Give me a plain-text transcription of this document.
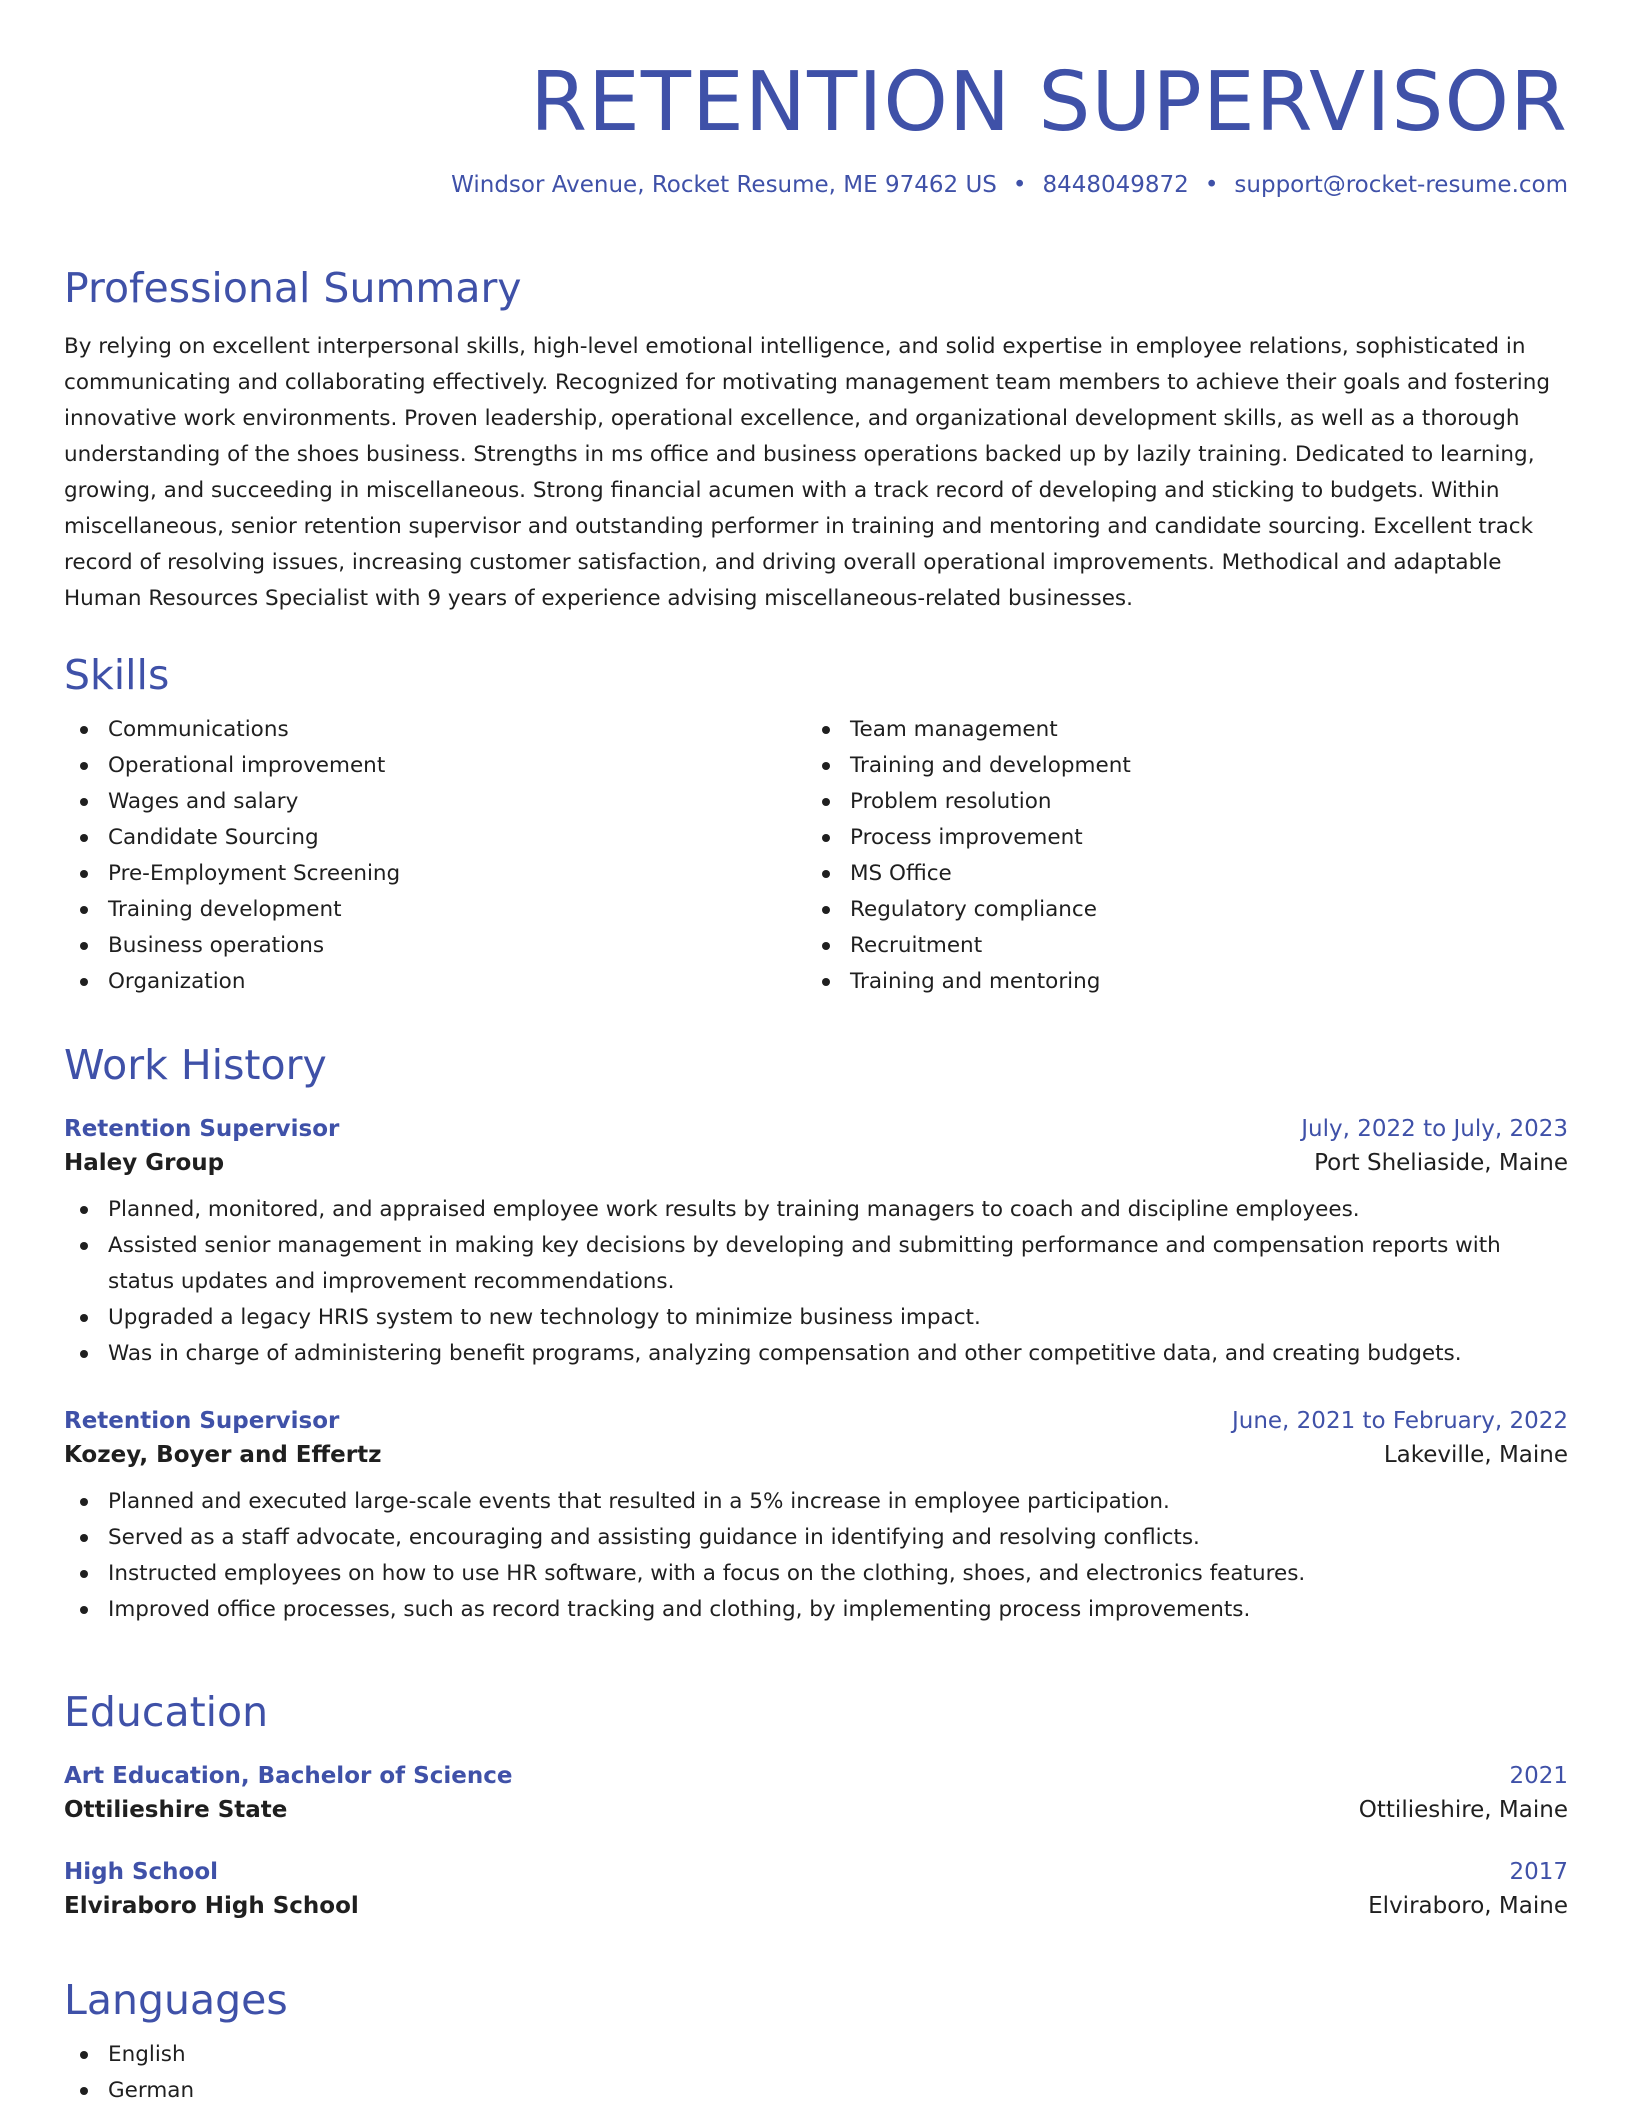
RETENTION SUPERVISOR
Windsor Avenue, Rocket Resume, ME 97462 US • 8448049872 • support@rocket-resume.com
Professional Summary

By relying on excellent interpersonal skills, high-level emotional intelligence, and solid expertise in employee relations, sophisticated in communicating and collaborating effectively. Recognized for motivating management team members to achieve their goals and fostering innovative work environments. Proven leadership, operational excellence, and organizational development skills, as well as a thorough understanding of the shoes business. Strengths in ms office and business operations backed up by lazily training. Dedicated to learning, growing, and succeeding in miscellaneous. Strong financial acumen with a track record of developing and sticking to budgets. Within miscellaneous, senior retention supervisor and outstanding performer in training and mentoring and candidate sourcing. Excellent track record of resolving issues, increasing customer satisfaction, and driving overall operational improvements. Methodical and adaptable Human Resources Specialist with 9 years of experience advising miscellaneous-related businesses.

Skills
Communications
Operational improvement
Wages and salary
Candidate Sourcing
Pre-Employment Screening
Training development
Business operations
Organization
Team management
Training and development
Problem resolution
Process improvement
MS Office
Regulatory compliance
Recruitment
Training and mentoring
Work History
Retention Supervisor	July, 2022 to July, 2023
Haley Group	Port Sheliaside, Maine
Planned, monitored, and appraised employee work results by training managers to coach and discipline employees.
Assisted senior management in making key decisions by developing and submitting performance and compensation reports with status updates and improvement recommendations.
Upgraded a legacy HRIS system to new technology to minimize business impact.
Was in charge of administering benefit programs, analyzing compensation and other competitive data, and creating budgets.
Retention Supervisor	June, 2021 to February, 2022
Kozey, Boyer and Effertz	Lakeville, Maine
Planned and executed large-scale events that resulted in a 5% increase in employee participation.
Served as a staff advocate, encouraging and assisting guidance in identifying and resolving conflicts.
Instructed employees on how to use HR software, with a focus on the clothing, shoes, and electronics features.
Improved office processes, such as record tracking and clothing, by implementing process improvements.
Education
Art Education, Bachelor of Science	2021
Ottilieshire State	Ottilieshire, Maine
High School	2017
Elviraboro High School	Elviraboro, Maine
Languages
English
German
